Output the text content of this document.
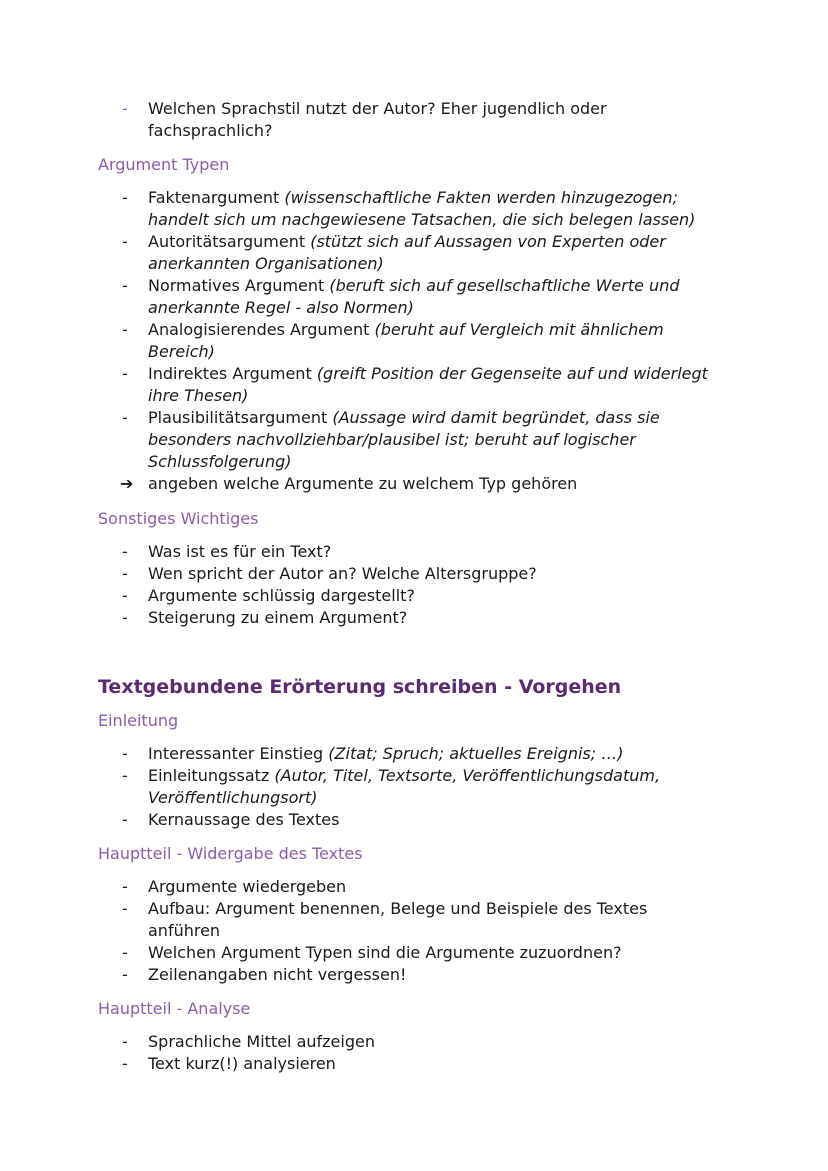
-	Welchen Sprachstil nutzt der Autor? Eher jugendlich oder fachsprachlich?
Argument Typen
-	Faktenargument (wissenschaftliche Fakten werden hinzugezogen; handelt sich um nachgewiesene Tatsachen, die sich belegen lassen)
-	Autoritätsargument (stützt sich auf Aussagen von Experten oder anerkannten Organisationen)
-	Normatives Argument (beruft sich auf gesellschaftliche Werte und anerkannte Regel - also Normen)
-	Analogisierendes Argument (beruht auf Vergleich mit ähnlichem Bereich)
-	Indirektes Argument (greift Position der Gegenseite auf und widerlegt ihre Thesen)
-	Plausibilitätsargument (Aussage wird damit begründet, dass sie besonders nachvollziehbar/plausibel ist; beruht auf logischer Schlussfolgerung)
➔ angeben welche Argumente zu welchem Typ gehören
Sonstiges Wichtiges
-	Was ist es für ein Text?
-	Wen spricht der Autor an? Welche Altersgruppe?
-	Argumente schlüssig dargestellt?
-	Steigerung zu einem Argument?
Textgebundene Erörterung schreiben - Vorgehen
Einleitung
-	Interessanter Einstieg (Zitat; Spruch; aktuelles Ereignis; …)
-	Einleitungssatz (Autor, Titel, Textsorte, Veröffentlichungsdatum, Veröffentlichungsort)
-	Kernaussage des Textes
Hauptteil - Widergabe des Textes
-	Argumente wiedergeben
-	Aufbau: Argument benennen, Belege und Beispiele des Textes anführen
-	Welchen Argument Typen sind die Argumente zuzuordnen?
-	Zeilenangaben nicht vergessen!
Hauptteil - Analyse
-	Sprachliche Mittel aufzeigen
-	Text kurz(!) analysieren
